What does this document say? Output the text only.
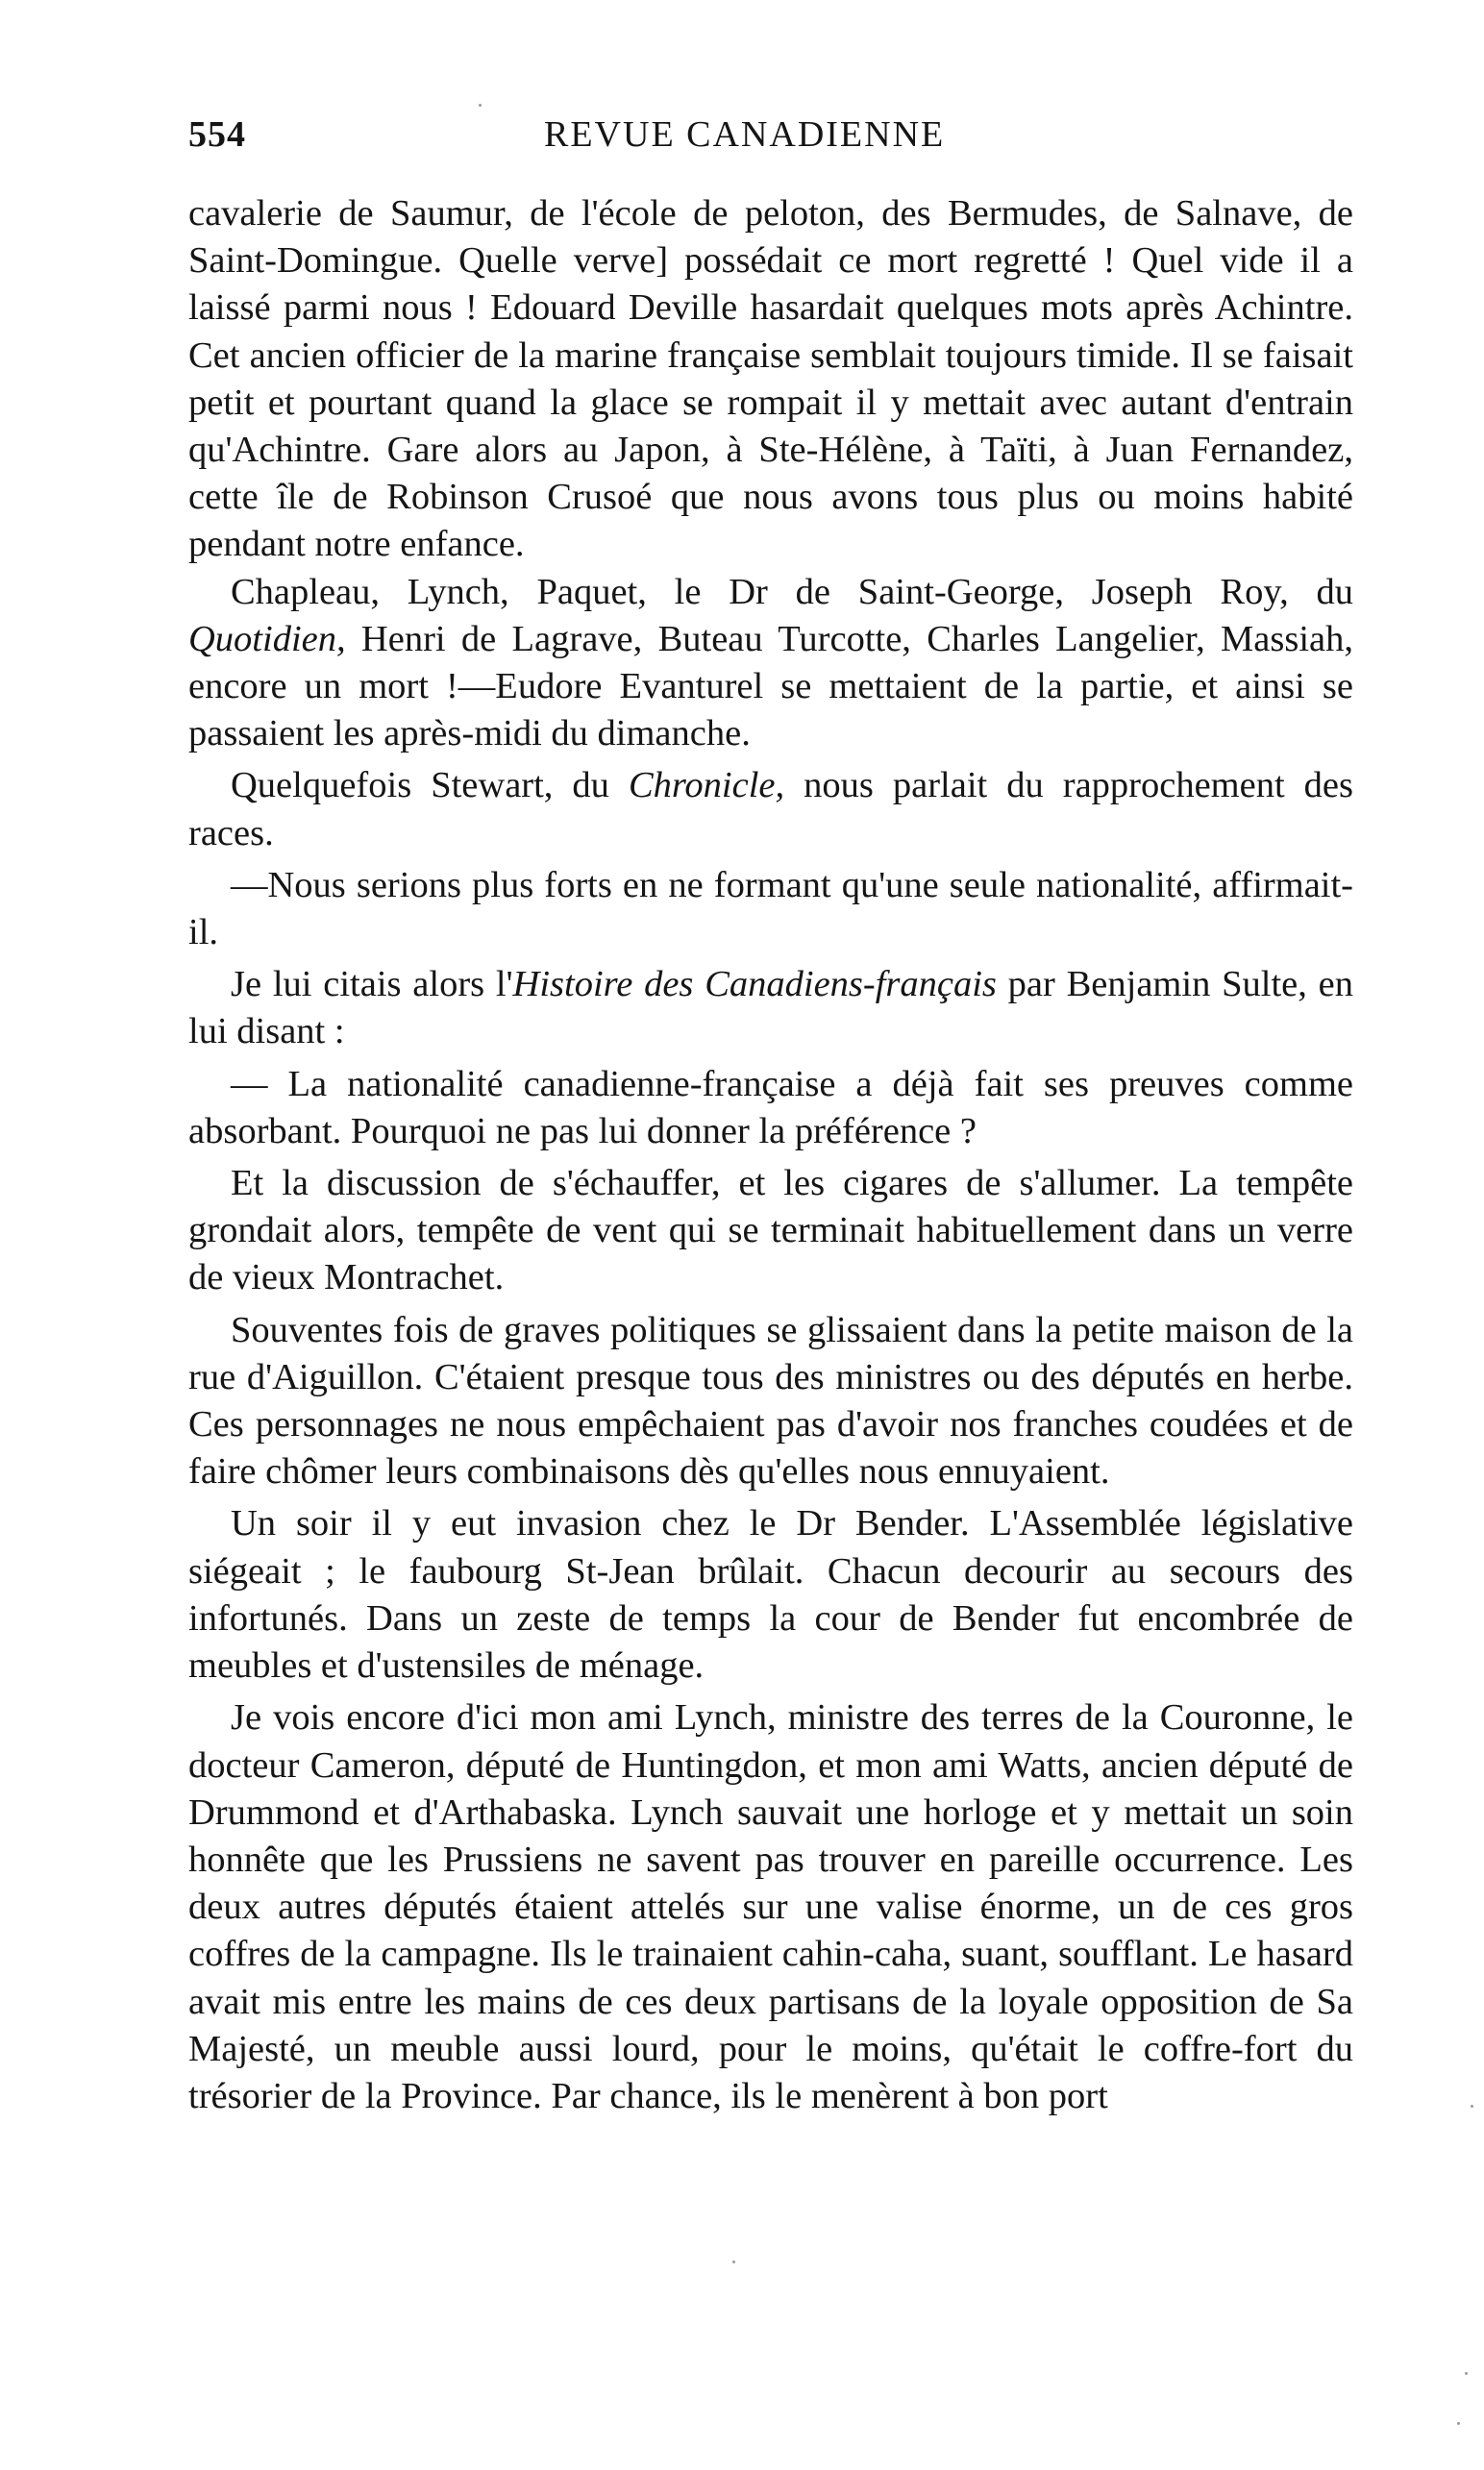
554	REVUE CANADIENNE

cavalerie de Saumur, de l'école de peloton, des Bermudes, de Salnave, de Saint-Domingue. Quelle verve] possédait ce mort regretté ! Quel vide il a laissé parmi nous ! Edouard Deville hasardait quelques mots après Achintre. Cet ancien officier de la marine française semblait toujours timide. Il se faisait petit et pourtant quand la glace se rompait il y mettait avec autant d'entrain qu'Achintre. Gare alors au Japon, à Ste-Hélène, à Taïti, à Juan Fernandez, cette île de Robinson Crusoé que nous avons tous plus ou moins habité pendant notre enfance.

Chapleau, Lynch, Paquet, le Dr de Saint-George, Joseph Roy, du Quotidien, Henri de Lagrave, Buteau Turcotte, Charles Langelier, Massiah, encore un mort !—Eudore Evanturel se mettaient de la partie, et ainsi se passaient les après-midi du dimanche.

Quelquefois Stewart, du Chronicle, nous parlait du rapprochement des races.

—Nous serions plus forts en ne formant qu'une seule nationalité, affirmait-il.

Je lui citais alors l'Histoire des Canadiens-français par Benjamin Sulte, en lui disant :

— La nationalité canadienne-française a déjà fait ses preuves comme absorbant. Pourquoi ne pas lui donner la préférence ?

Et la discussion de s'échauffer, et les cigares de s'allumer. La tempête grondait alors, tempête de vent qui se terminait habituellement dans un verre de vieux Montrachet.

Souventes fois de graves politiques se glissaient dans la petite maison de la rue d'Aiguillon. C'étaient presque tous des ministres ou des députés en herbe. Ces personnages ne nous empêchaient pas d'avoir nos franches coudées et de faire chômer leurs combinaisons dès qu'elles nous ennuyaient.

Un soir il y eut invasion chez le Dr Bender. L'Assemblée législative siégeait ; le faubourg St-Jean brûlait. Chacun decourir au secours des infortunés. Dans un zeste de temps la cour de Bender fut encombrée de meubles et d'ustensiles de ménage.

Je vois encore d'ici mon ami Lynch, ministre des terres de la Couronne, le docteur Cameron, député de Huntingdon, et mon ami Watts, ancien député de Drummond et d'Arthabaska. Lynch sauvait une horloge et y mettait un soin honnête que les Prussiens ne savent pas trouver en pareille occurrence. Les deux autres députés étaient attelés sur une valise énorme, un de ces gros coffres de la campagne. Ils le trainaient cahin-caha, suant, soufflant. Le hasard avait mis entre les mains de ces deux partisans de la loyale opposition de Sa Majesté, un meuble aussi lourd, pour le moins, qu'était le coffre-fort du trésorier de la Province. Par chance, ils le menèrent à bon port
